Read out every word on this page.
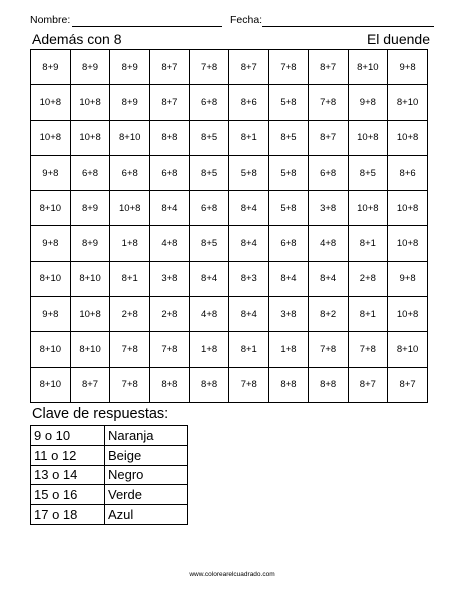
Nombre:	Fecha:
Además con 8	El duende
8+9	8+9	8+9	8+7	7+8	8+7	7+8	8+7	8+10	9+8
10+8	10+8	8+9	8+7	6+8	8+6	5+8	7+8	9+8	8+10
10+8	10+8	8+10	8+8	8+5	8+1	8+5	8+7	10+8	10+8
9+8	6+8	6+8	6+8	8+5	5+8	5+8	6+8	8+5	8+6
8+10	8+9	10+8	8+4	6+8	8+4	5+8	3+8	10+8	10+8
9+8	8+9	1+8	4+8	8+5	8+4	6+8	4+8	8+1	10+8
8+10	8+10	8+1	3+8	8+4	8+3	8+4	8+4	2+8	9+8
9+8	10+8	2+8	2+8	4+8	8+4	3+8	8+2	8+1	10+8
8+10	8+10	7+8	7+8	1+8	8+1	1+8	7+8	7+8	8+10
8+10	8+7	7+8	8+8	8+8	7+8	8+8	8+8	8+7	8+7
Clave de respuestas:
9 o 10	Naranja
11 o 12	Beige
13 o 14	Negro
15 o 16	Verde
17 o 18	Azul
www.colorearelcuadrado.com
